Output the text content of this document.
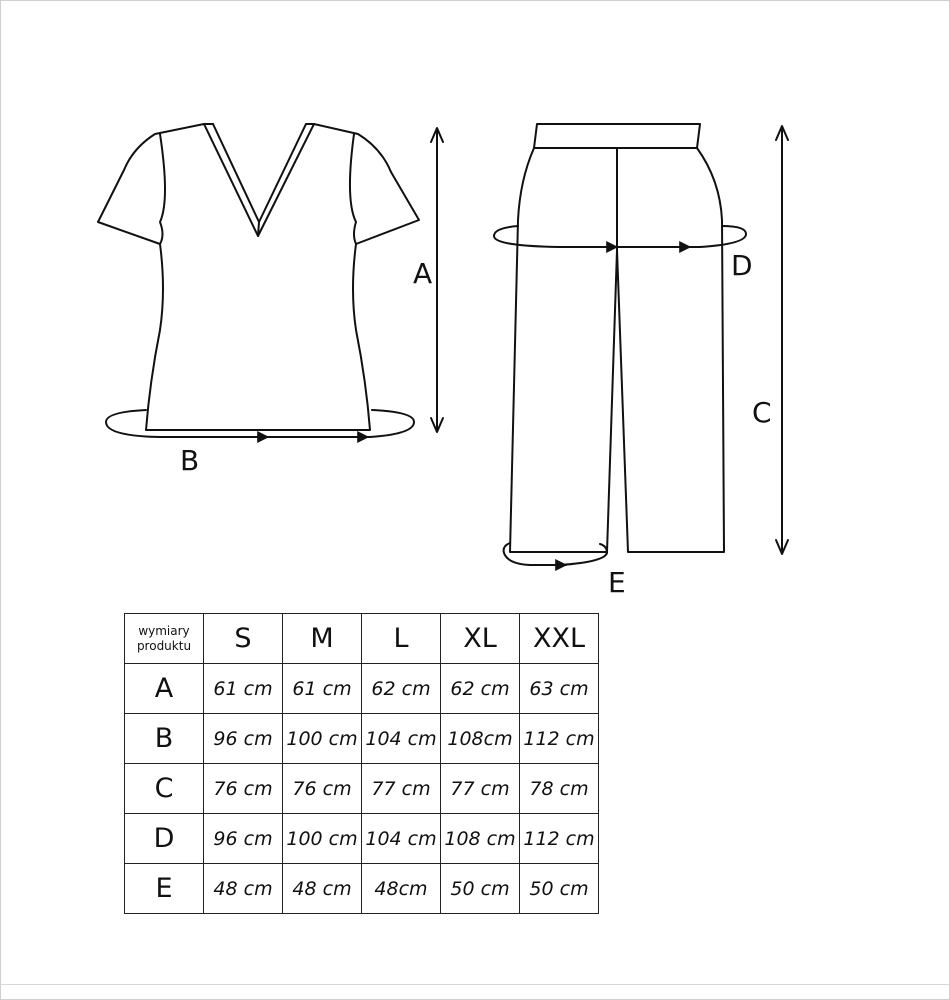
A
B
D
C
E
wymiary
produktu	S	M	L	XL	XXL
A	61 cm	61 cm	62 cm	62 cm	63 cm
B	96 cm	100 cm	104 cm	108cm	112 cm
C	76 cm	76 cm	77 cm	77 cm	78 cm
D	96 cm	100 cm	104 cm	108 cm	112 cm
E	48 cm	48 cm	48cm	50 cm	50 cm
